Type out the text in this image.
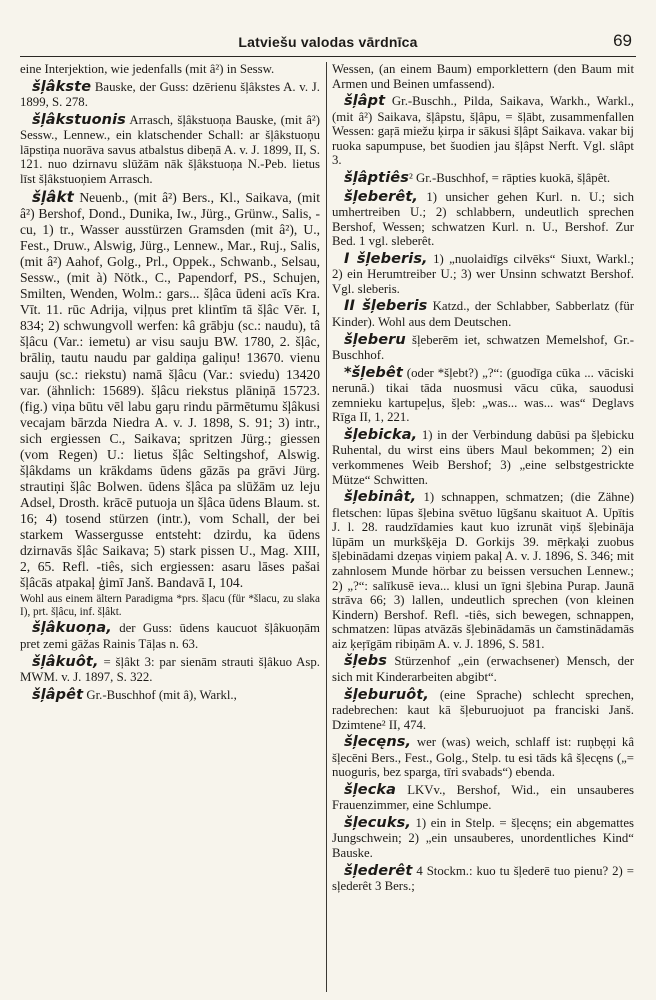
Latviešu valodas vārdnīca	69

eine Interjektion, wie jedenfalls (mit â²) in Sessw.

šļâkste Bauske, der Guss: dzērienu šļâkstes A. v. J. 1899, S. 278.

šļâkstuonis Arrasch, šļâkstuoņa Bauske, (mit â²) Sessw., Lennew., ein klatschender Schall: ar šļâkstuoņu lāpstiņa nuorāva savus atbalstus dibeņā A. v. J. 1899, II, S. 121. nuo dzirnavu slūžām nāk šļâkstuoņa N.-Peb. lietus līst šļâkstuoņiem Arrasch.

šļâkt Neuenb., (mit â²) Bers., Kl., Saikava, (mit â²) Bershof, Dond., Dunika, Iw., Jürg., Grünw., Salis, -cu, 1) tr., Wasser ausstürzen Gramsden (mit â²), U., Fest., Druw., Alswig, Jürg., Lennew., Mar., Ruj., Salis, (mit â²) Aahof, Golg., Prl., Oppek., Schwanb., Selsau, Sessw., (mit à) Nötk., C., Papendorf, PS., Schujen, Smilten, Wenden, Wolm.: gars... šļâca ūdeni acīs Kra. Vīt. 11. rūc Adrija, viļņus pret klintīm tā šļâc Vēr. I, 834; 2) schwungvoll werfen: kâ grābju (sc.: naudu), tâ šļâcu (Var.: iemetu) ar visu sauju BW. 1780, 2. šļâc, brāliņ, tautu naudu par galdiņa galiņu! 13670. vienu sauju (sc.: riekstu) namā šļâcu (Var.: sviedu) 13420 var. (ähnlich: 15689). šļâcu riekstus plāniņā 15723. (fig.) viņa būtu vēl labu gaŗu rindu pārmētumu šļâkusi vecajam bārzda Niedra A. v. J. 1898, S. 91; 3) intr., sich ergiessen C., Saikava; spritzen Jürg.; giessen (vom Regen) U.: lietus šļâc Seltingshof, Alswig. šļâkdams un krākdams ūdens gāzās pa grāvi Jürg. strautiņi šļâc Bolwen. ūdens šļâca pa slūžām uz leju Adsel, Drosth. krācē putuoja un šļâca ūdens Blaum. st. 16; 4) tosend stürzen (intr.), vom Schall, der bei starkem Wassergusse entsteht: dzirdu, ka ūdens dzirnavās šļâc Saikava; 5) stark pissen U., Mag. XIII, 2, 65. Refl. -tiês, sich ergiessen: asaru lāses pašai šļâcās atpakaļ ģimī Janš. Bandavā I, 104.

Wohl aus einem ältern Paradigma *prs. šļacu (für *šlacu, zu slaka I), prt. šļâcu, inf. šļâkt.

šļâkuoņa, der Guss: ūdens kaucuot šļâkuoņām pret zemi gāžas Rainis Tāļas n. 63.

šļâkuôt, = šļâkt 3: par sienām strauti šļâkuo Asp. MWM. v. J. 1897, S. 322.

šļâpêt Gr.-Buschhof (mit â), Warkl.,

Wessen, (an einem Baum) emporklettern (den Baum mit Armen und Beinen umfassend).

šļâpt Gr.-Buschh., Pilda, Saikava, Warkh., Warkl., (mit â²) Saikava, šļâpstu, šļâpu, = šļābt, zusammenfallen Wessen: gaŗā miežu ķirpa ir sākusi šļâpt Saikava. vakar bij ruoka sapumpuse, bet šuodien jau šļâpst Nerft. Vgl. slâpt 3.

šļâptiês² Gr.-Buschhof, = rāpties kuokā, šļâpêt.

šļeberêt, 1) unsicher gehen Kurl. n. U.; sich umhertreiben U.; 2) schlabbern, undeutlich sprechen Bershof, Wessen; schwatzen Kurl. n. U., Bershof. Zur Bed. 1 vgl. sleberêt.

I šļeberis, 1) „nuolaidīgs cilvēks“ Siuxt, Warkl.; 2) ein Herumtreiber U.; 3) wer Unsinn schwatzt Bershof. Vgl. sleberis.

II šļeberis Katzd., der Schlabber, Sabberlatz (für Kinder). Wohl aus dem Deutschen.

šļeberu šļeberēm iet, schwatzen Memelshof, Gr.-Buschhof.

*šļebêt (oder *šļebt?) „?“: (guodīga cūka ... vāciski nerunā.) tikai tāda nuosmusi vācu cūka, sauodusi zemnieku kartupeļus, šļeb: „was... was... was“ Deglavs Rīga II, 1, 221.

šļebicka, 1) in der Verbindung dabūsi pa šļebicku Ruhental, du wirst eins übers Maul bekommen; 2) ein verkommenes Weib Bershof; 3) „eine selbstgestrickte Mütze“ Schwitten.

šļebinât, 1) schnappen, schmatzen; (die Zähne) fletschen: lūpas šļebina svētuo lūgšanu skaituot A. Upītis J. l. 28. raudzīdamies kaut kuo izrunāt viņš šļebināja lūpām un murkšķēja D. Gorkijs 39. mēŗkaķi zuobus šļebinādami dzeņas viņiem pakaļ A. v. J. 1896, S. 346; mit zahnlosem Munde hörbar zu beissen versuchen Lennew.; 2) „?“: salīkusē ieva... klusi un īgni šļebina Purap. Jaunā strāva 66; 3) lallen, undeutlich sprechen (von kleinen Kindern) Bershof. Refl. -tiês, sich bewegen, schnappen, schmatzen: lūpas atvāzās šļebinādamās un čamstinādamās aiz ķeŗīgām ribiņām A. v. J. 1896, S. 581.

šļebs Stürzenhof „ein (erwachsener) Mensch, der sich mit Kinderarbeiten abgibt“.

šļeburuôt, (eine Sprache) schlecht sprechen, radebrechen: kaut kā šļeburuojuot pa franciski Janš. Dzimtene² II, 474.

šļecęns, wer (was) weich, schlaff ist: ruņbęņi kâ šļecēni Bers., Fest., Golg., Stelp. tu esi tāds kâ šļecęns („= nuoguris, bez sparga, tīri svabads“) ebenda.

šļecka LKVv., Bershof, Wid., ein unsauberes Frauenzimmer, eine Schlumpe.

šļecuks, 1) ein in Stelp. = šļecęns; ein abgemattes Jungschwein; 2) „ein unsauberes, unordentliches Kind“ Bauske.

šļederêt 4 Stockm.: kuo tu šļederē tuo pienu? 2) = sļederêt 3 Bers.;
